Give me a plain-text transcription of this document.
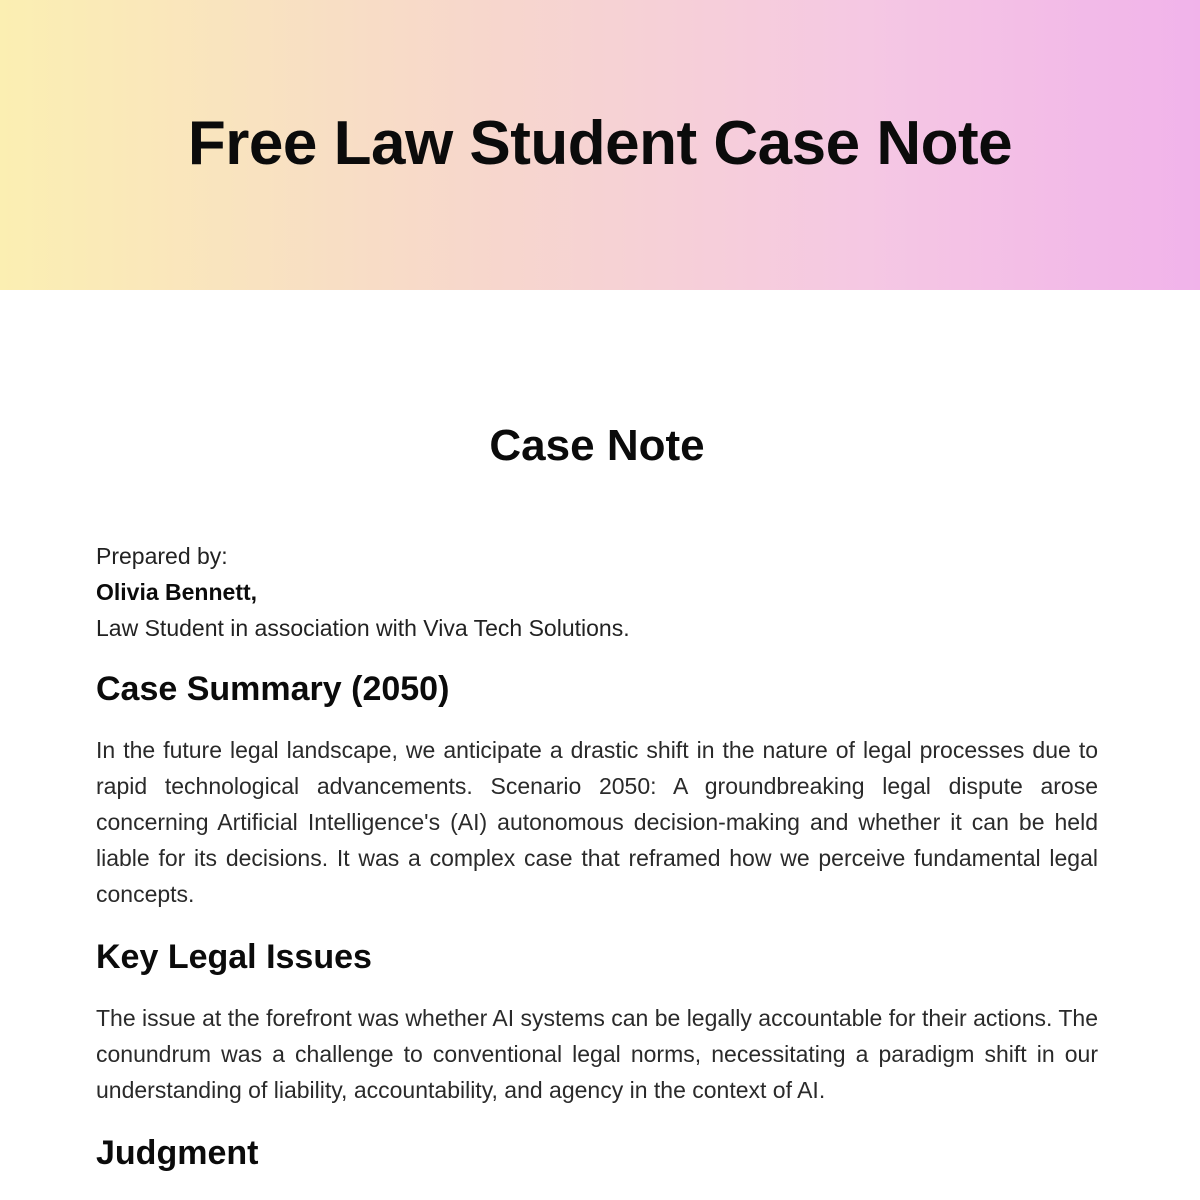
Free Law Student Case Note
Case Note
Prepared by:
Olivia Bennett,
Law Student in association with Viva Tech Solutions.
Case Summary (2050)

In the future legal landscape, we anticipate a drastic shift in the nature of legal processes due to rapid technological advancements. Scenario 2050: A groundbreaking legal dispute arose concerning Artificial Intelligence's (AI) autonomous decision-making and whether it can be held liable for its decisions. It was a complex case that reframed how we perceive fundamental legal concepts.

Key Legal Issues

The issue at the forefront was whether AI systems can be legally accountable for their actions. The conundrum was a challenge to conventional legal norms, necessitating a paradigm shift in our understanding of liability, accountability, and agency in the context of AI.

Judgment
